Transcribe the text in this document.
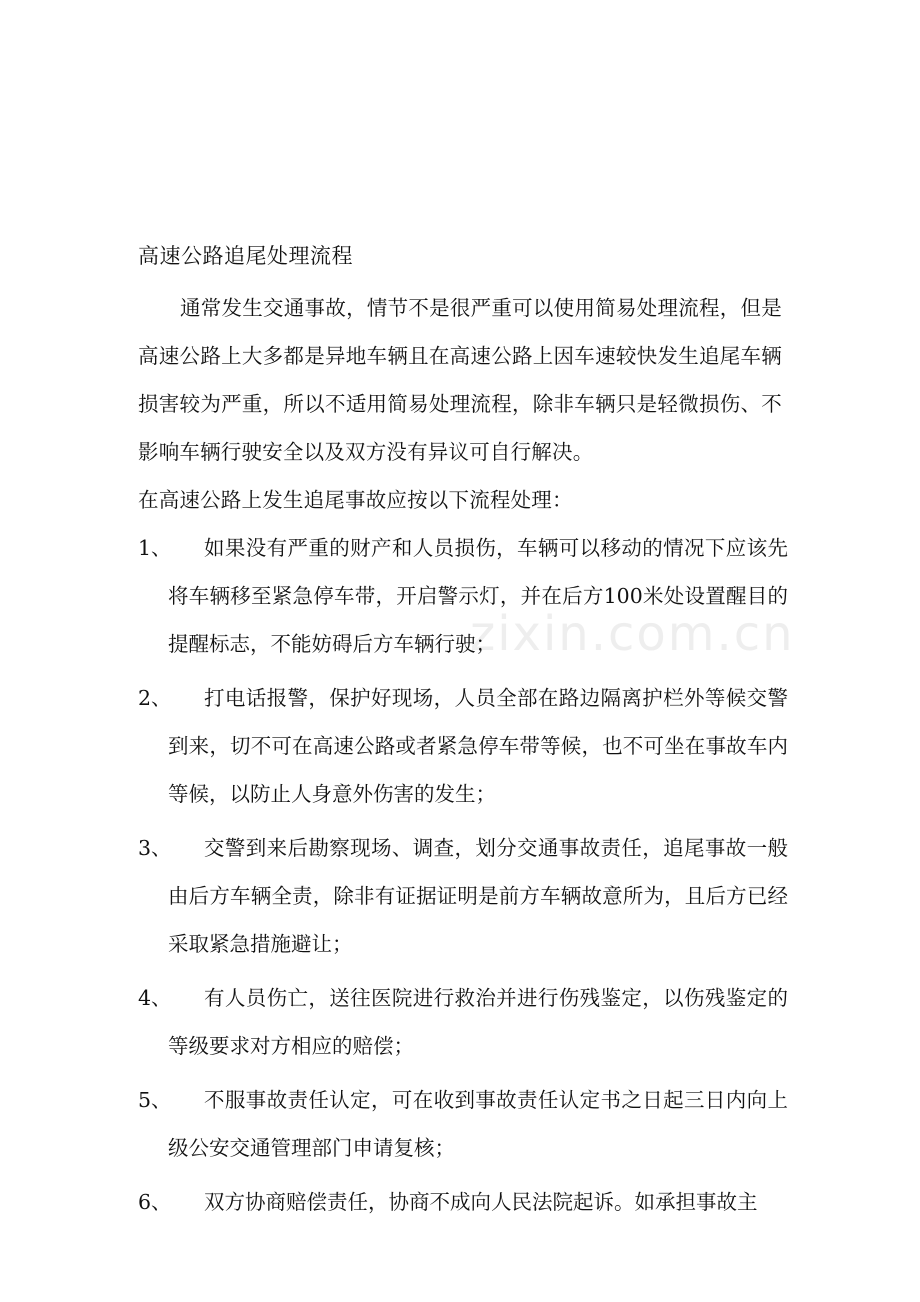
zixin.com.cn
高速公路追尾处理流程

通常发生交通事故，情节不是很严重可以使用简易处理流程，但是高速公路上大多都是异地车辆且在高速公路上因车速较快发生追尾车辆损害较为严重，所以不适用简易处理流程，除非车辆只是轻微损伤、不影响车辆行驶安全以及双方没有异议可自行解决。

在高速公路上发生追尾事故应按以下流程处理：

1、	如果没有严重的财产和人员损伤，车辆可以移动的情况下应该先将车辆移至紧急停车带，开启警示灯，并在后方100米处设置醒目的提醒标志，不能妨碍后方车辆行驶；
2、	打电话报警，保护好现场，人员全部在路边隔离护栏外等候交警到来，切不可在高速公路或者紧急停车带等候，也不可坐在事故车内等候，以防止人身意外伤害的发生；
3、	交警到来后勘察现场、调查，划分交通事故责任，追尾事故一般由后方车辆全责，除非有证据证明是前方车辆故意所为，且后方已经采取紧急措施避让；
4、	有人员伤亡，送往医院进行救治并进行伤残鉴定，以伤残鉴定的等级要求对方相应的赔偿；
5、	不服事故责任认定，可在收到事故责任认定书之日起三日内向上级公安交通管理部门申请复核；
6、	双方协商赔偿责任，协商不成向人民法院起诉。如承担事故主
